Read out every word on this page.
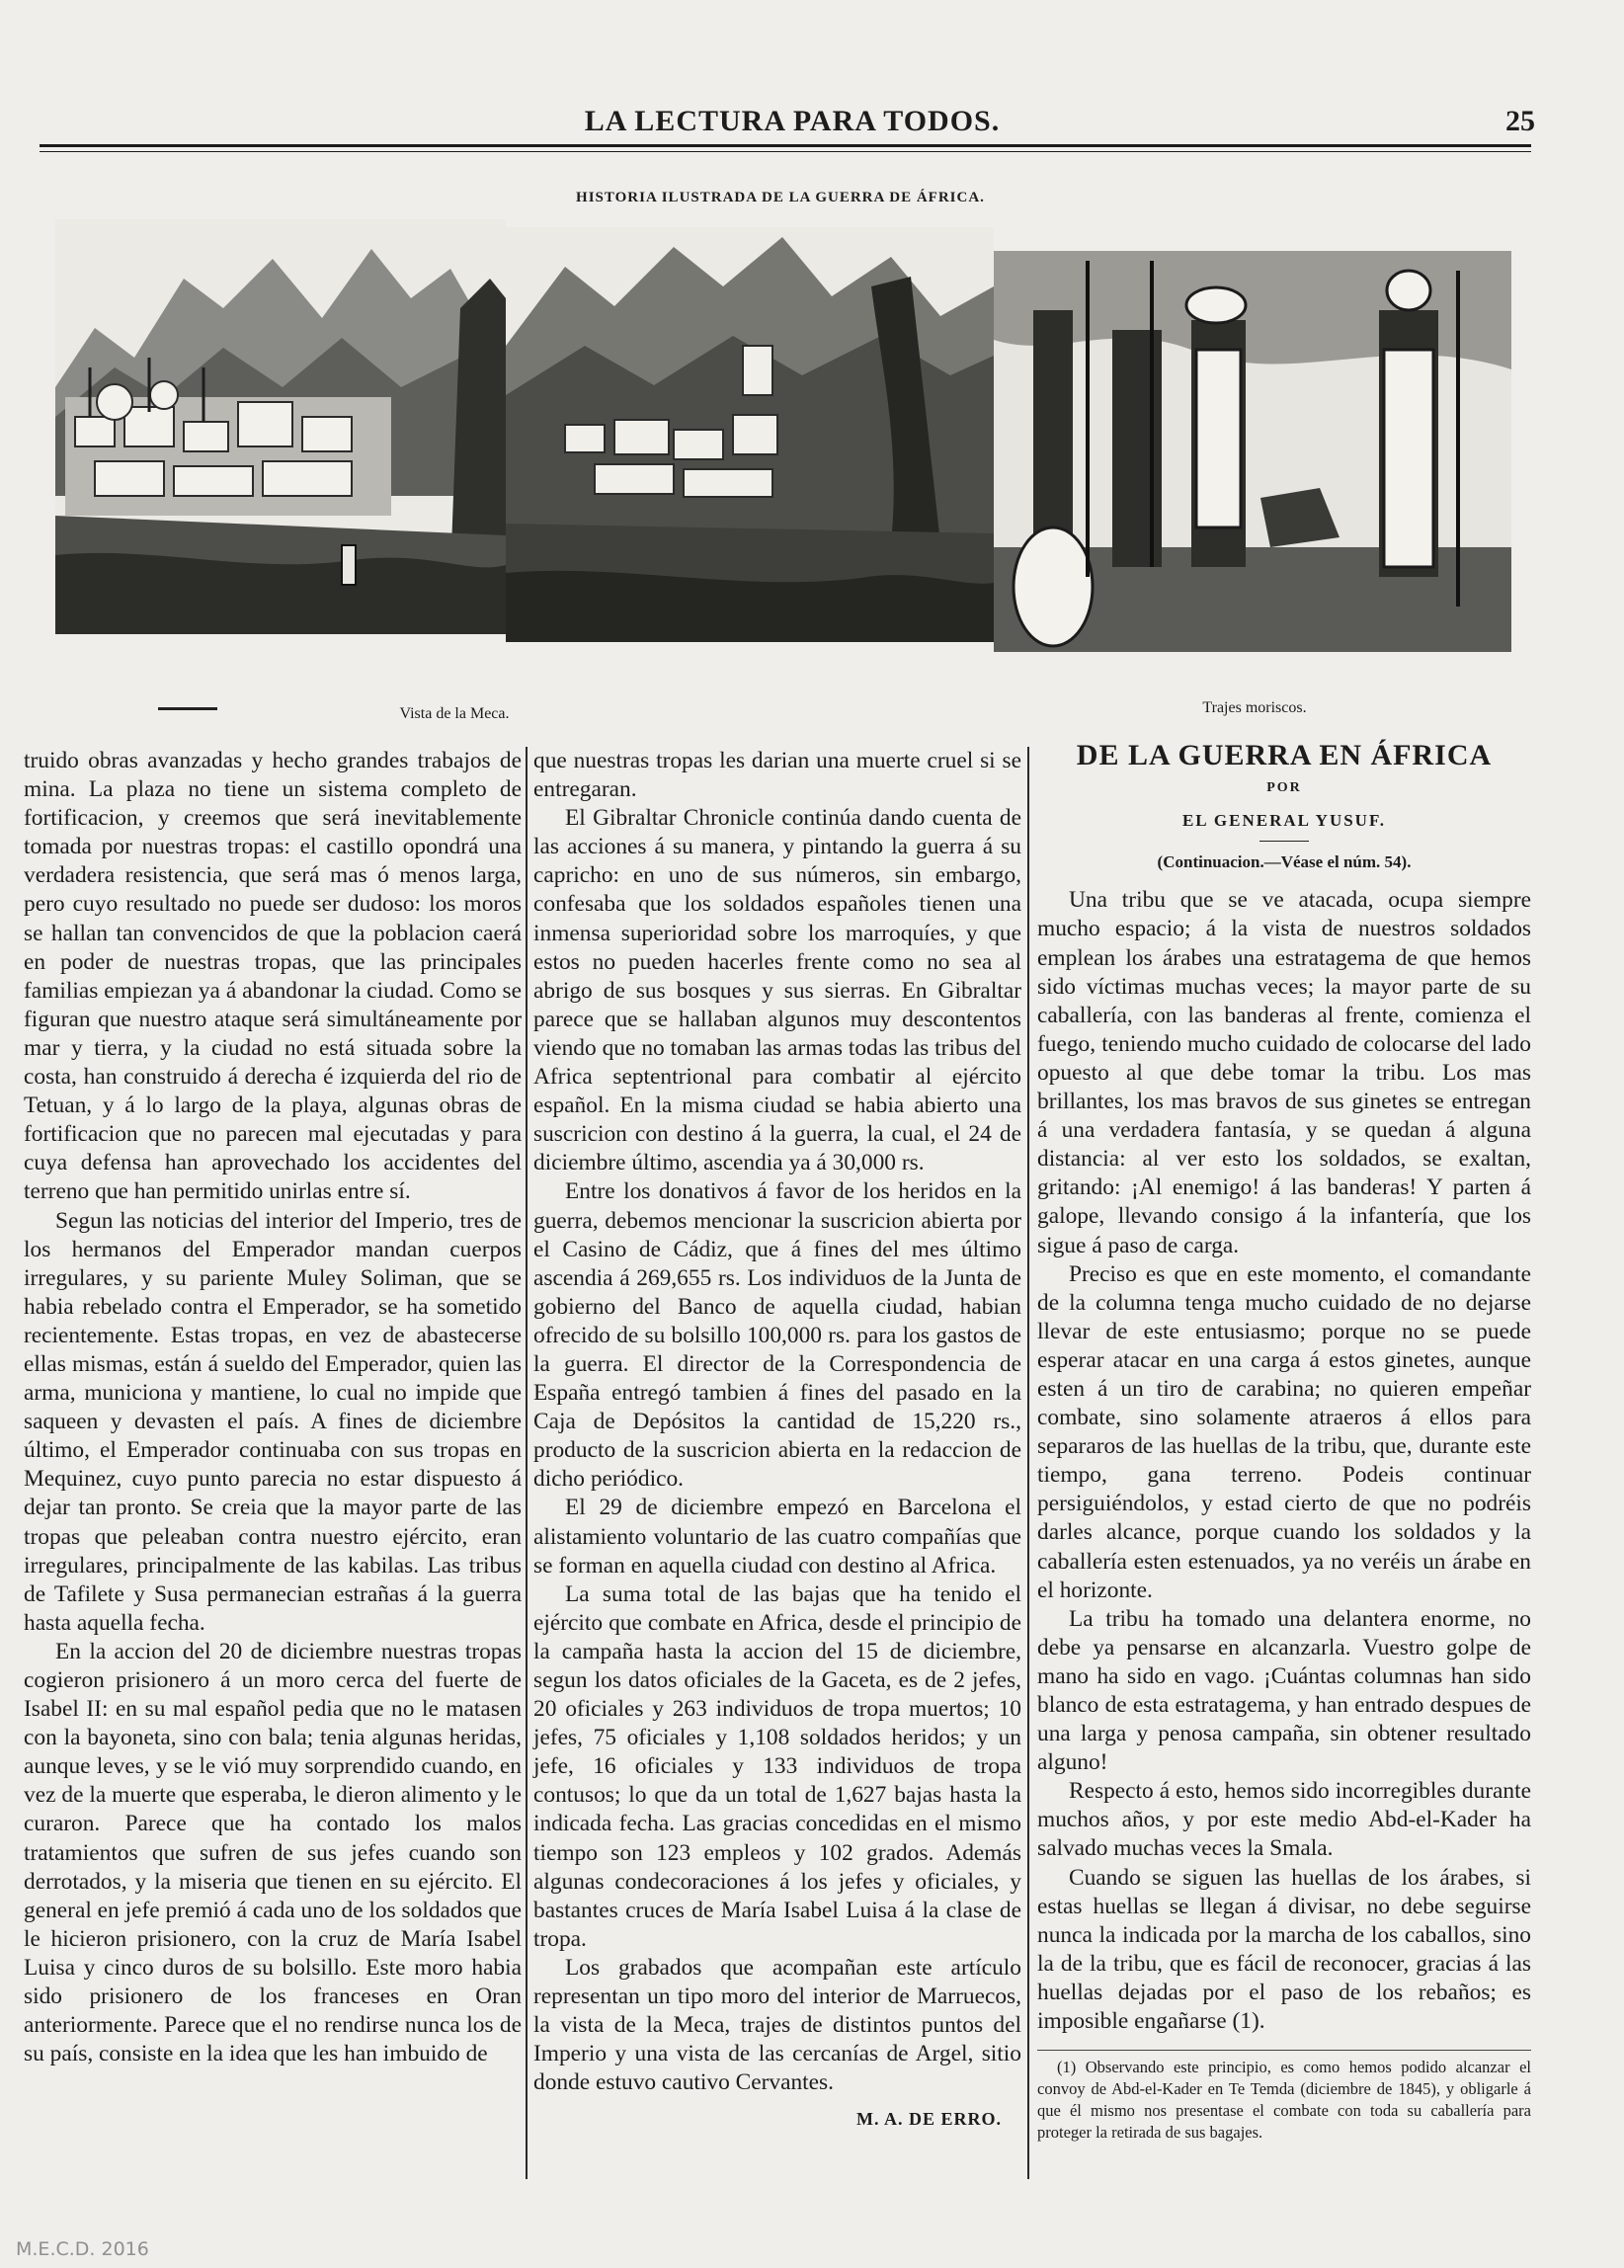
LA LECTURA PARA TODOS.	25
Vista de la Meca.
HISTORIA ILUSTRADA DE LA GUERRA DE ÁFRICA.
Trajes moriscos.

truido obras avanzadas y hecho grandes trabajos de mina. La plaza no tiene un sistema completo de fortificacion, y creemos que será inevitablemente tomada por nuestras tropas: el castillo opondrá una verdadera resistencia, que será mas ó menos larga, pero cuyo resultado no puede ser dudoso: los moros se hallan tan convencidos de que la poblacion caerá en poder de nuestras tropas, que las principales familias empiezan ya á abandonar la ciudad. Como se figuran que nuestro ataque será simultáneamente por mar y tierra, y la ciudad no está situada sobre la costa, han construido á derecha é izquierda del rio de Tetuan, y á lo largo de la playa, algunas obras de fortificacion que no parecen mal ejecutadas y para cuya defensa han aprovechado los accidentes del terreno que han permitido unirlas entre sí.

Segun las noticias del interior del Imperio, tres de los hermanos del Emperador mandan cuerpos irregulares, y su pariente Muley Soliman, que se habia rebelado contra el Emperador, se ha sometido recientemente. Estas tropas, en vez de abastecerse ellas mismas, están á sueldo del Emperador, quien las arma, municiona y mantiene, lo cual no impide que saqueen y devasten el país. A fines de diciembre último, el Emperador continuaba con sus tropas en Mequinez, cuyo punto parecia no estar dispuesto á dejar tan pronto. Se creia que la mayor parte de las tropas que peleaban contra nuestro ejército, eran irregulares, principalmente de las kabilas. Las tribus de Tafilete y Susa permanecian estrañas á la guerra hasta aquella fecha.

En la accion del 20 de diciembre nuestras tropas cogieron prisionero á un moro cerca del fuerte de Isabel II: en su mal español pedia que no le matasen con la bayoneta, sino con bala; tenia algunas heridas, aunque leves, y se le vió muy sorprendido cuando, en vez de la muerte que esperaba, le dieron alimento y le curaron. Parece que ha contado los malos tratamientos que sufren de sus jefes cuando son derrotados, y la miseria que tienen en su ejército. El general en jefe premió á cada uno de los soldados que le hicieron prisionero, con la cruz de María Isabel Luisa y cinco duros de su bolsillo. Este moro habia sido prisionero de los franceses en Oran anteriormente. Parece que el no rendirse nunca los de su país, consiste en la idea que les han imbuido de

que nuestras tropas les darian una muerte cruel si se entregaran.

El Gibraltar Chronicle continúa dando cuenta de las acciones á su manera, y pintando la guerra á su capricho: en uno de sus números, sin embargo, confesaba que los soldados españoles tienen una inmensa superioridad sobre los marroquíes, y que estos no pueden hacerles frente como no sea al abrigo de sus bosques y sus sierras. En Gibraltar parece que se hallaban algunos muy descontentos viendo que no tomaban las armas todas las tribus del Africa septentrional para combatir al ejército español. En la misma ciudad se habia abierto una suscricion con destino á la guerra, la cual, el 24 de diciembre último, ascendia ya á 30,000 rs.

Entre los donativos á favor de los heridos en la guerra, debemos mencionar la suscricion abierta por el Casino de Cádiz, que á fines del mes último ascendia á 269,655 rs. Los individuos de la Junta de gobierno del Banco de aquella ciudad, habian ofrecido de su bolsillo 100,000 rs. para los gastos de la guerra. El director de la Correspondencia de España entregó tambien á fines del pasado en la Caja de Depósitos la cantidad de 15,220 rs., producto de la suscricion abierta en la redaccion de dicho periódico.

El 29 de diciembre empezó en Barcelona el alistamiento voluntario de las cuatro compañías que se forman en aquella ciudad con destino al Africa.

La suma total de las bajas que ha tenido el ejército que combate en Africa, desde el principio de la campaña hasta la accion del 15 de diciembre, segun los datos oficiales de la Gaceta, es de 2 jefes, 20 oficiales y 263 individuos de tropa muertos; 10 jefes, 75 oficiales y 1,108 soldados heridos; y un jefe, 16 oficiales y 133 individuos de tropa contusos; lo que da un total de 1,627 bajas hasta la indicada fecha. Las gracias concedidas en el mismo tiempo son 123 empleos y 102 grados. Además algunas condecoraciones á los jefes y oficiales, y bastantes cruces de María Isabel Luisa á la clase de tropa.

Los grabados que acompañan este artículo representan un tipo moro del interior de Marruecos, la vista de la Meca, trajes de distintos puntos del Imperio y una vista de las cercanías de Argel, sitio donde estuvo cautivo Cervantes.

M. A. DE ERRO.
DE LA GUERRA EN ÁFRICA
POR
EL GENERAL YUSUF.
(Continuacion.—Véase el núm. 54).

Una tribu que se ve atacada, ocupa siempre mucho espacio; á la vista de nuestros soldados emplean los árabes una estratagema de que hemos sido víctimas muchas veces; la mayor parte de su caballería, con las banderas al frente, comienza el fuego, teniendo mucho cuidado de colocarse del lado opuesto al que debe tomar la tribu. Los mas brillantes, los mas bravos de sus ginetes se entregan á una verdadera fantasía, y se quedan á alguna distancia: al ver esto los soldados, se exaltan, gritando: ¡Al enemigo! á las banderas! Y parten á galope, llevando consigo á la infantería, que los sigue á paso de carga.

Preciso es que en este momento, el comandante de la columna tenga mucho cuidado de no dejarse llevar de este entusiasmo; porque no se puede esperar atacar en una carga á estos ginetes, aunque esten á un tiro de carabina; no quieren empeñar combate, sino solamente atraeros á ellos para separaros de las huellas de la tribu, que, durante este tiempo, gana terreno. Podeis continuar persiguiéndolos, y estad cierto de que no podréis darles alcance, porque cuando los soldados y la caballería esten estenuados, ya no veréis un árabe en el horizonte.

La tribu ha tomado una delantera enorme, no debe ya pensarse en alcanzarla. Vuestro golpe de mano ha sido en vago. ¡Cuántas columnas han sido blanco de esta estratagema, y han entrado despues de una larga y penosa campaña, sin obtener resultado alguno!

Respecto á esto, hemos sido incorregibles durante muchos años, y por este medio Abd-el-Kader ha salvado muchas veces la Smala.

Cuando se siguen las huellas de los árabes, si estas huellas se llegan á divisar, no debe seguirse nunca la indicada por la marcha de los caballos, sino la de la tribu, que es fácil de reconocer, gracias á las huellas dejadas por el paso de los rebaños; es imposible engañarse (1).

(1) Observando este principio, es como hemos podido alcanzar el convoy de Abd-el-Kader en Te Temda (diciembre de 1845), y obligarle á que él mismo nos presentase el combate con toda su caballería para proteger la retirada de sus bagajes.
M.E.C.D. 2016
